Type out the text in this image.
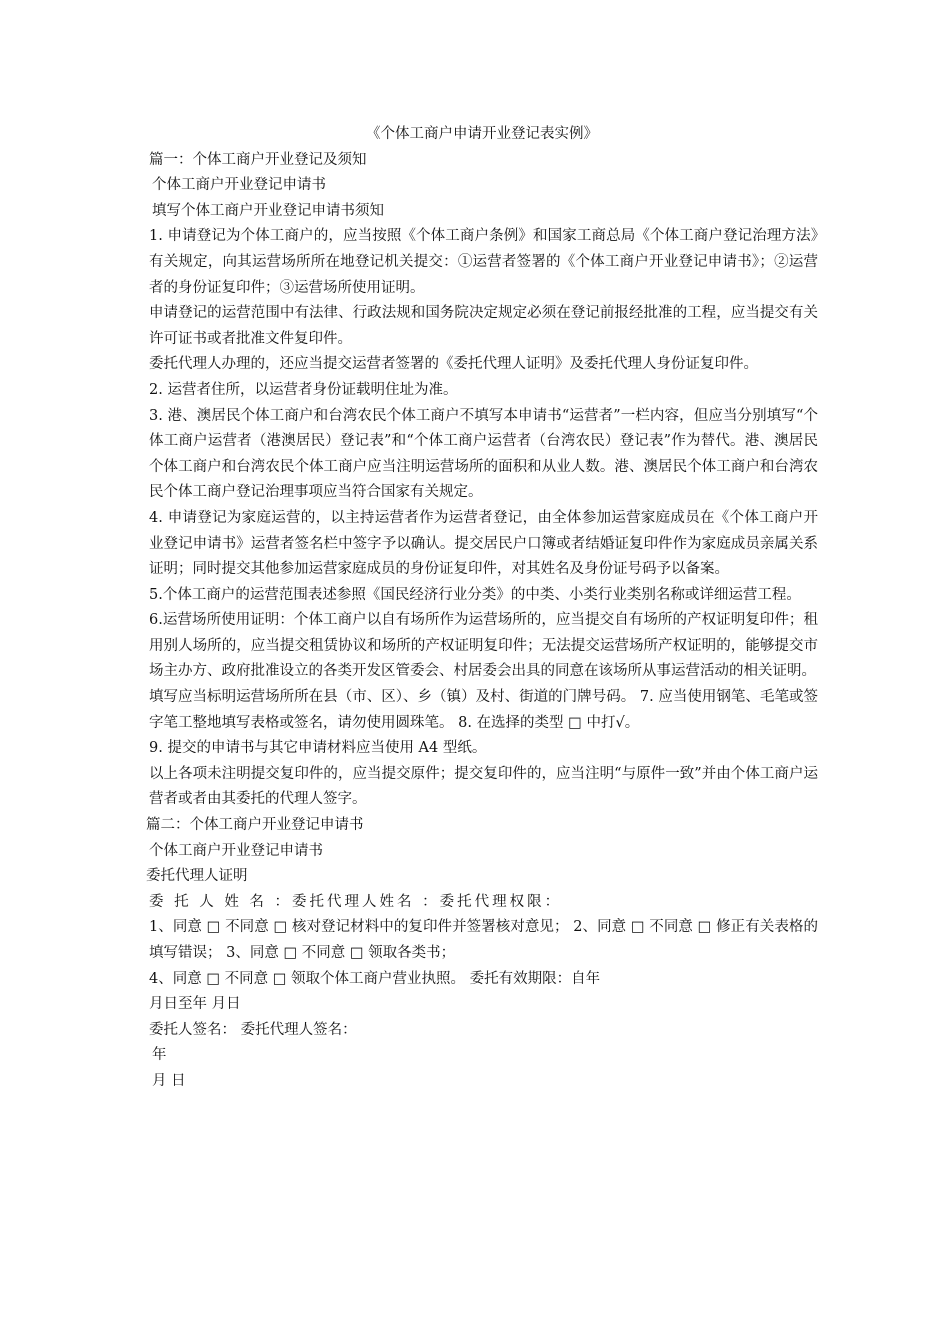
《个体工商户申请开业登记表实例》
篇一：个体工商户开业登记及须知
个体工商户开业登记申请书
填写个体工商户开业登记申请书须知
1. 申请登记为个体工商户的，应当按照《个体工商户条例》和国家工商总局《个体工商户登记治理方法》有关规定，向其运营场所所在地登记机关提交：①运营者签署的《个体工商户开业登记申请书》；②运营者的身份证复印件；③运营场所使用证明。
申请登记的运营范围中有法律、行政法规和国务院决定规定必须在登记前报经批准的工程，应当提交有关许可证书或者批准文件复印件。
委托代理人办理的，还应当提交运营者签署的《委托代理人证明》及委托代理人身份证复印件。
2. 运营者住所，以运营者身份证载明住址为准。
3. 港、澳居民个体工商户和台湾农民个体工商户不填写本申请书“运营者”一栏内容，但应当分别填写“个体工商户运营者（港澳居民）登记表”和“个体工商户运营者（台湾农民）登记表”作为替代。港、澳居民个体工商户和台湾农民个体工商户应当注明运营场所的面积和从业人数。港、澳居民个体工商户和台湾农民个体工商户登记治理事项应当符合国家有关规定。
4. 申请登记为家庭运营的，以主持运营者作为运营者登记，由全体参加运营家庭成员在《个体工商户开业登记申请书》运营者签名栏中签字予以确认。提交居民户口簿或者结婚证复印件作为家庭成员亲属关系证明；同时提交其他参加运营家庭成员的身份证复印件，对其姓名及身份证号码予以备案。
5.个体工商户的运营范围表述参照《国民经济行业分类》的中类、小类行业类别名称或详细运营工程。
6.运营场所使用证明：个体工商户以自有场所作为运营场所的，应当提交自有场所的产权证明复印件；租用别人场所的，应当提交租赁协议和场所的产权证明复印件；无法提交运营场所产权证明的，能够提交市场主办方、政府批准设立的各类开发区管委会、村居委会出具的同意在该场所从事运营活动的相关证明。
填写应当标明运营场所所在县（市、区）、乡（镇）及村、街道的门牌号码。 7. 应当使用钢笔、毛笔或签字笔工整地填写表格或签名，请勿使用圆珠笔。 8. 在选择的类型 □ 中打√。
9. 提交的申请书与其它申请材料应当使用 A4 型纸。
以上各项未注明提交复印件的，应当提交原件；提交复印件的，应当注明“与原件一致”并由个体工商户运营者或者由其委托的代理人签字。
篇二：个体工商户开业登记申请书
个体工商户开业登记申请书
委托代理人证明
委 托 人 姓 名 ：委托代理人姓名 ：委托代理权限：
1、同意 □ 不同意 □ 核对登记材料中的复印件并签署核对意见； 2、同意 □ 不同意 □ 修正有关表格的填写错误； 3、同意 □ 不同意 □ 领取各类书；
4、同意 □ 不同意 □ 领取个体工商户营业执照。 委托有效期限：自年
月日至年 月日
委托人签名： 委托代理人签名：
年
月 日
